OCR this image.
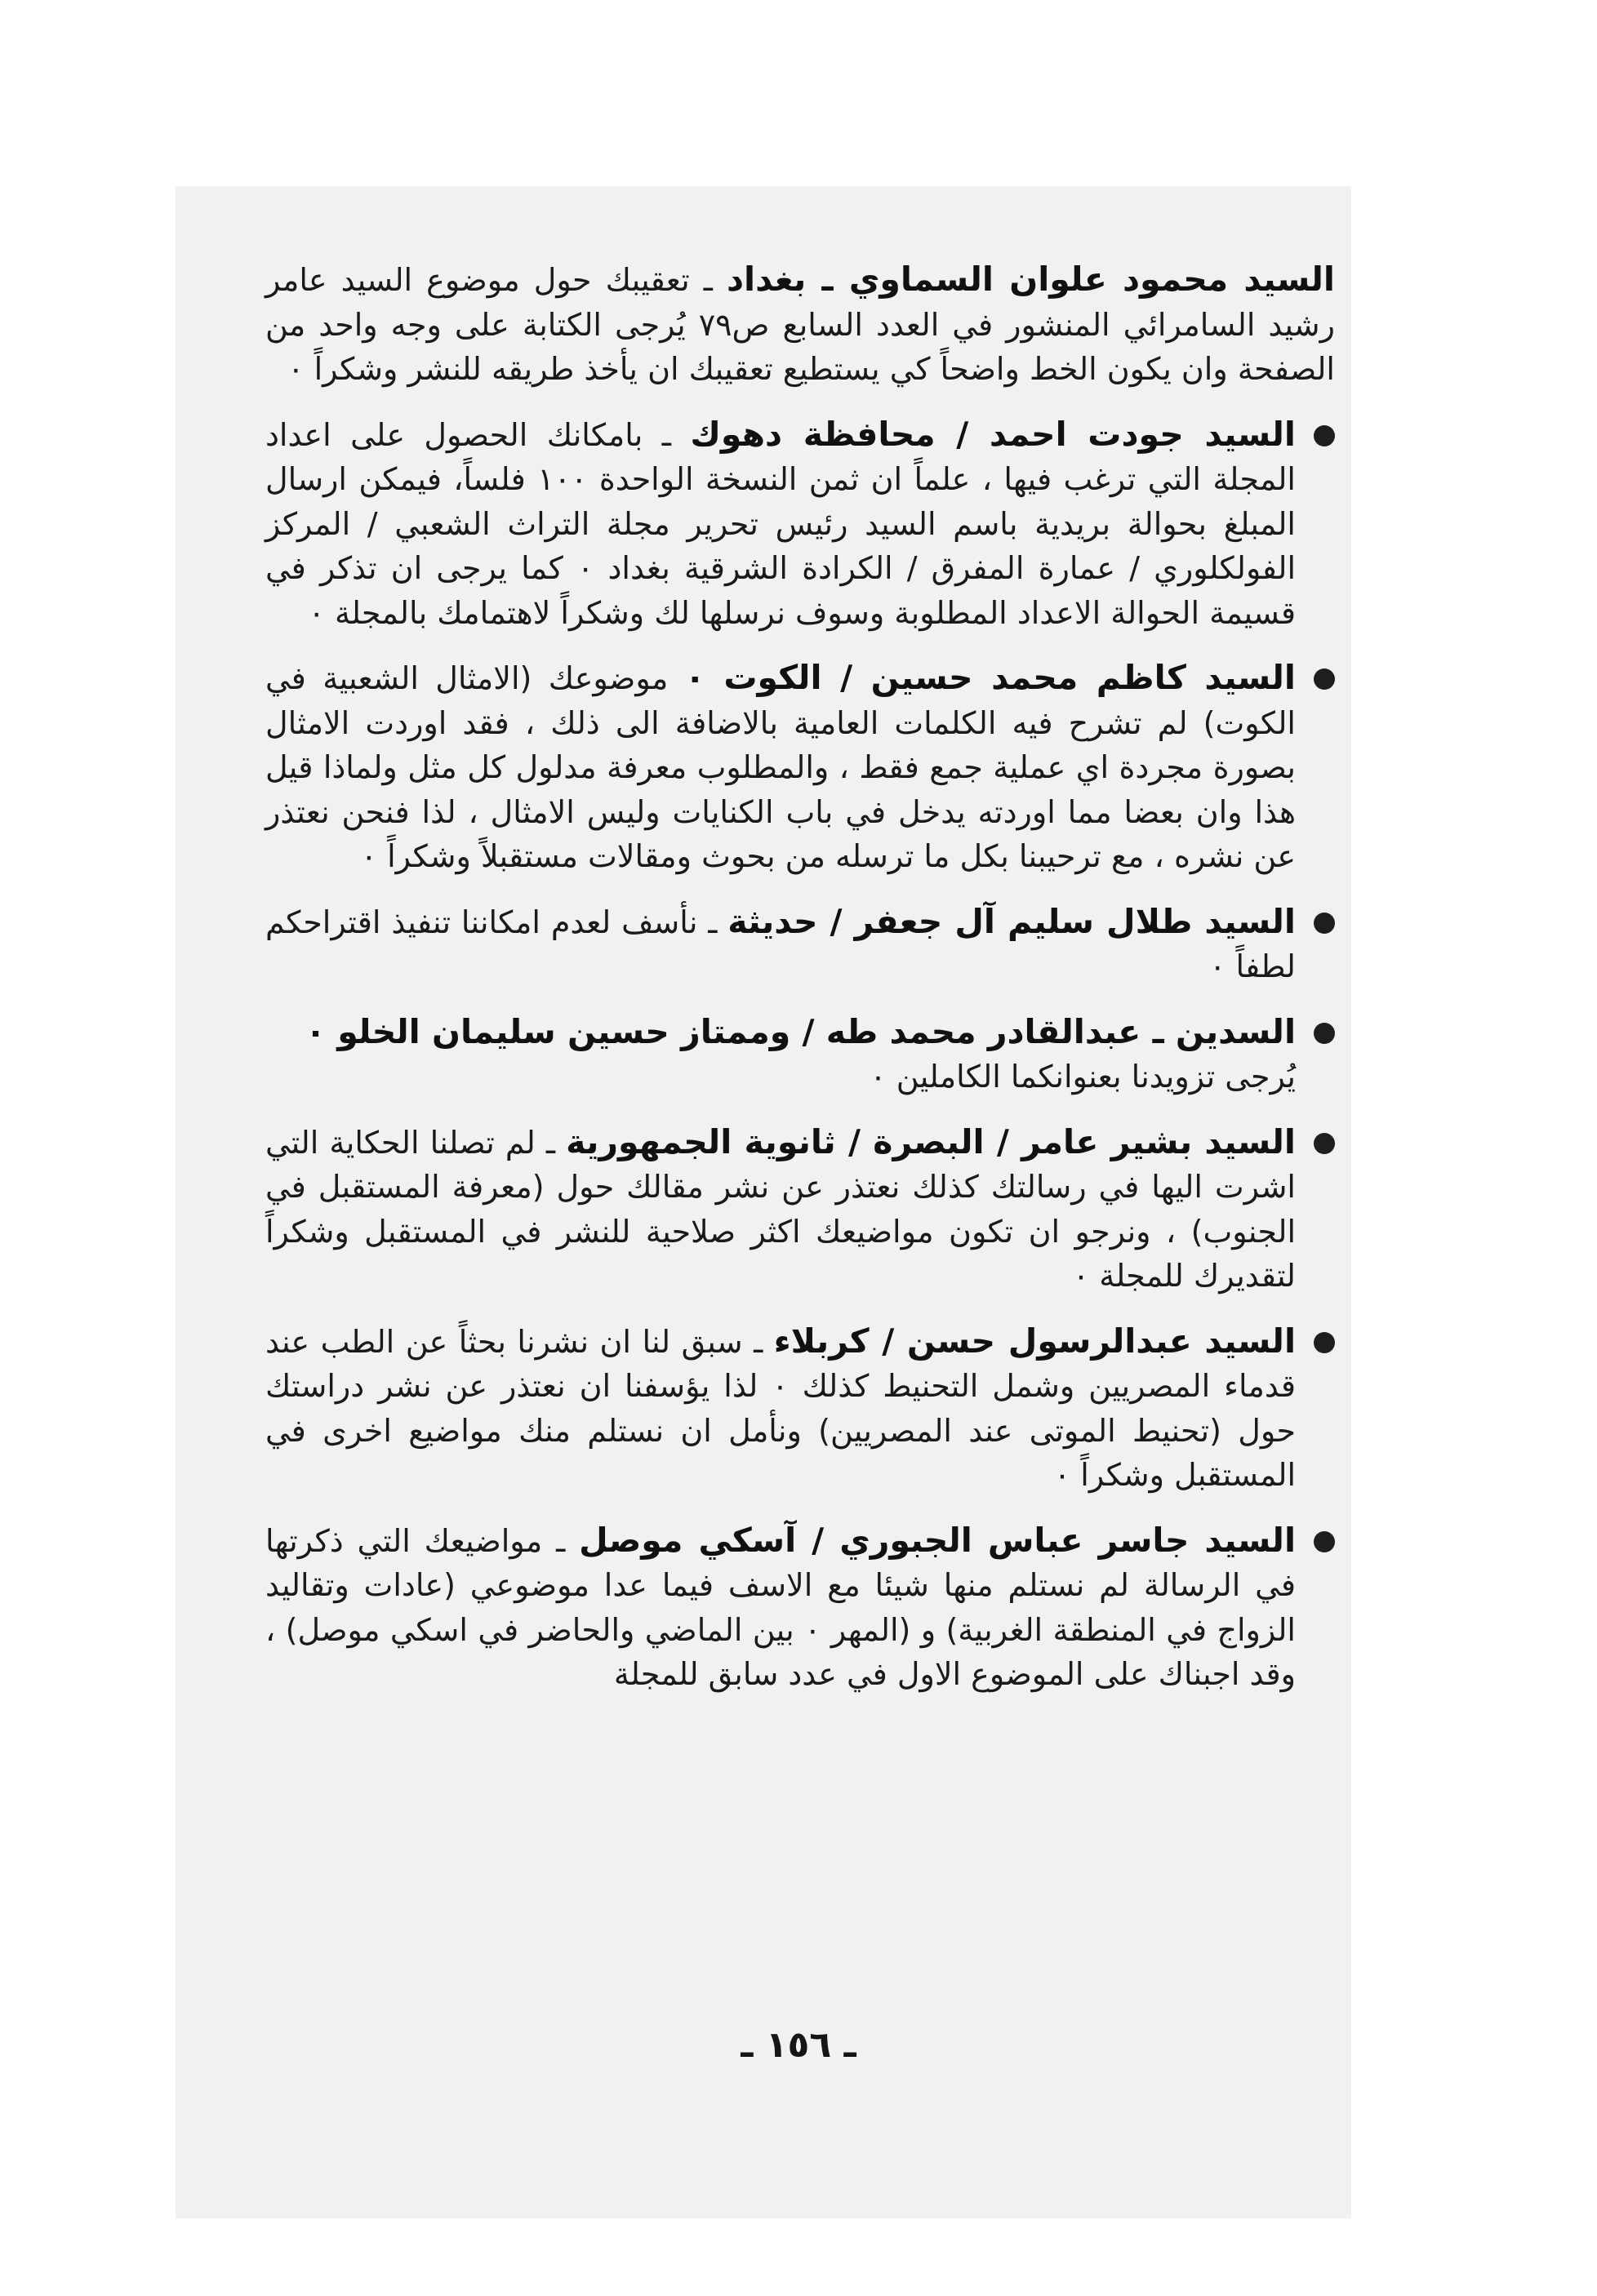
السيد محمود علوان السماوي ـ بغداد ـ تعقيبك حول موضوع السيد عامر رشيد السامرائي المنشور في العدد السابع ص٧٩ يُرجى الكتابة على وجه واحد من الصفحة وان يكون الخط واضحاً كي يستطيع تعقيبك ان يأخذ طريقه للنشر وشكراً ٠

السيد جودت احمد / محافظة دهوك ـ بامكانك الحصول على اعداد المجلة التي ترغب فيها ، علماً ان ثمن النسخة الواحدة ١٠٠ فلساً، فيمكن ارسال المبلغ بحوالة بريدية باسم السيد رئيس تحرير مجلة التراث الشعبي / المركز الفولكلوري / عمارة المفرق / الكرادة الشرقية بغداد ٠ كما يرجى ان تذكر في قسيمة الحوالة الاعداد المطلوبة وسوف نرسلها لك وشكراً لاهتمامك بالمجلة ٠

السيد كاظم محمد حسين / الكوت ٠ موضوعك (الامثال الشعبية في الكوت) لم تشرح فيه الكلمات العامية بالاضافة الى ذلك ، فقد اوردت الامثال بصورة مجردة اي عملية جمع فقط ، والمطلوب معرفة مدلول كل مثل ولماذا قيل هذا وان بعضا مما اوردته يدخل في باب الكنايات وليس الامثال ، لذا فنحن نعتذر عن نشره ، مع ترحيبنا بكل ما ترسله من بحوث ومقالات مستقبلاً وشكراً ٠

السيد طلال سليم آل جعفر / حديثة ـ نأسف لعدم امكاننا تنفيذ اقتراحكم لطفاً ٠

السدين ـ عبدالقادر محمد طه / وممتاز حسين سليمان الخلو ٠
يُرجى تزويدنا بعنوانكما الكاملين ٠

السيد بشير عامر / البصرة / ثانوية الجمهورية ـ لم تصلنا الحكاية التي اشرت اليها في رسالتك كذلك نعتذر عن نشر مقالك حول (معرفة المستقبل في الجنوب) ، ونرجو ان تكون مواضيعك اكثر صلاحية للنشر في المستقبل وشكراً لتقديرك للمجلة ٠

السيد عبدالرسول حسن / كربلاء ـ سبق لنا ان نشرنا بحثاً عن الطب عند قدماء المصريين وشمل التحنيط كذلك ٠ لذا يؤسفنا ان نعتذر عن نشر دراستك حول (تحنيط الموتى عند المصريين) ونأمل ان نستلم منك مواضيع اخرى في المستقبل وشكراً ٠

السيد جاسر عباس الجبوري / آسكي موصل ـ مواضيعك التي ذكرتها في الرسالة لم نستلم منها شيئا مع الاسف فيما عدا موضوعي (عادات وتقاليد الزواج في المنطقة الغربية) و (المهر ٠ بين الماضي والحاضر في اسكي موصل) ، وقد اجبناك على الموضوع الاول في عدد سابق للمجلة

ـ ١٥٦ ـ
